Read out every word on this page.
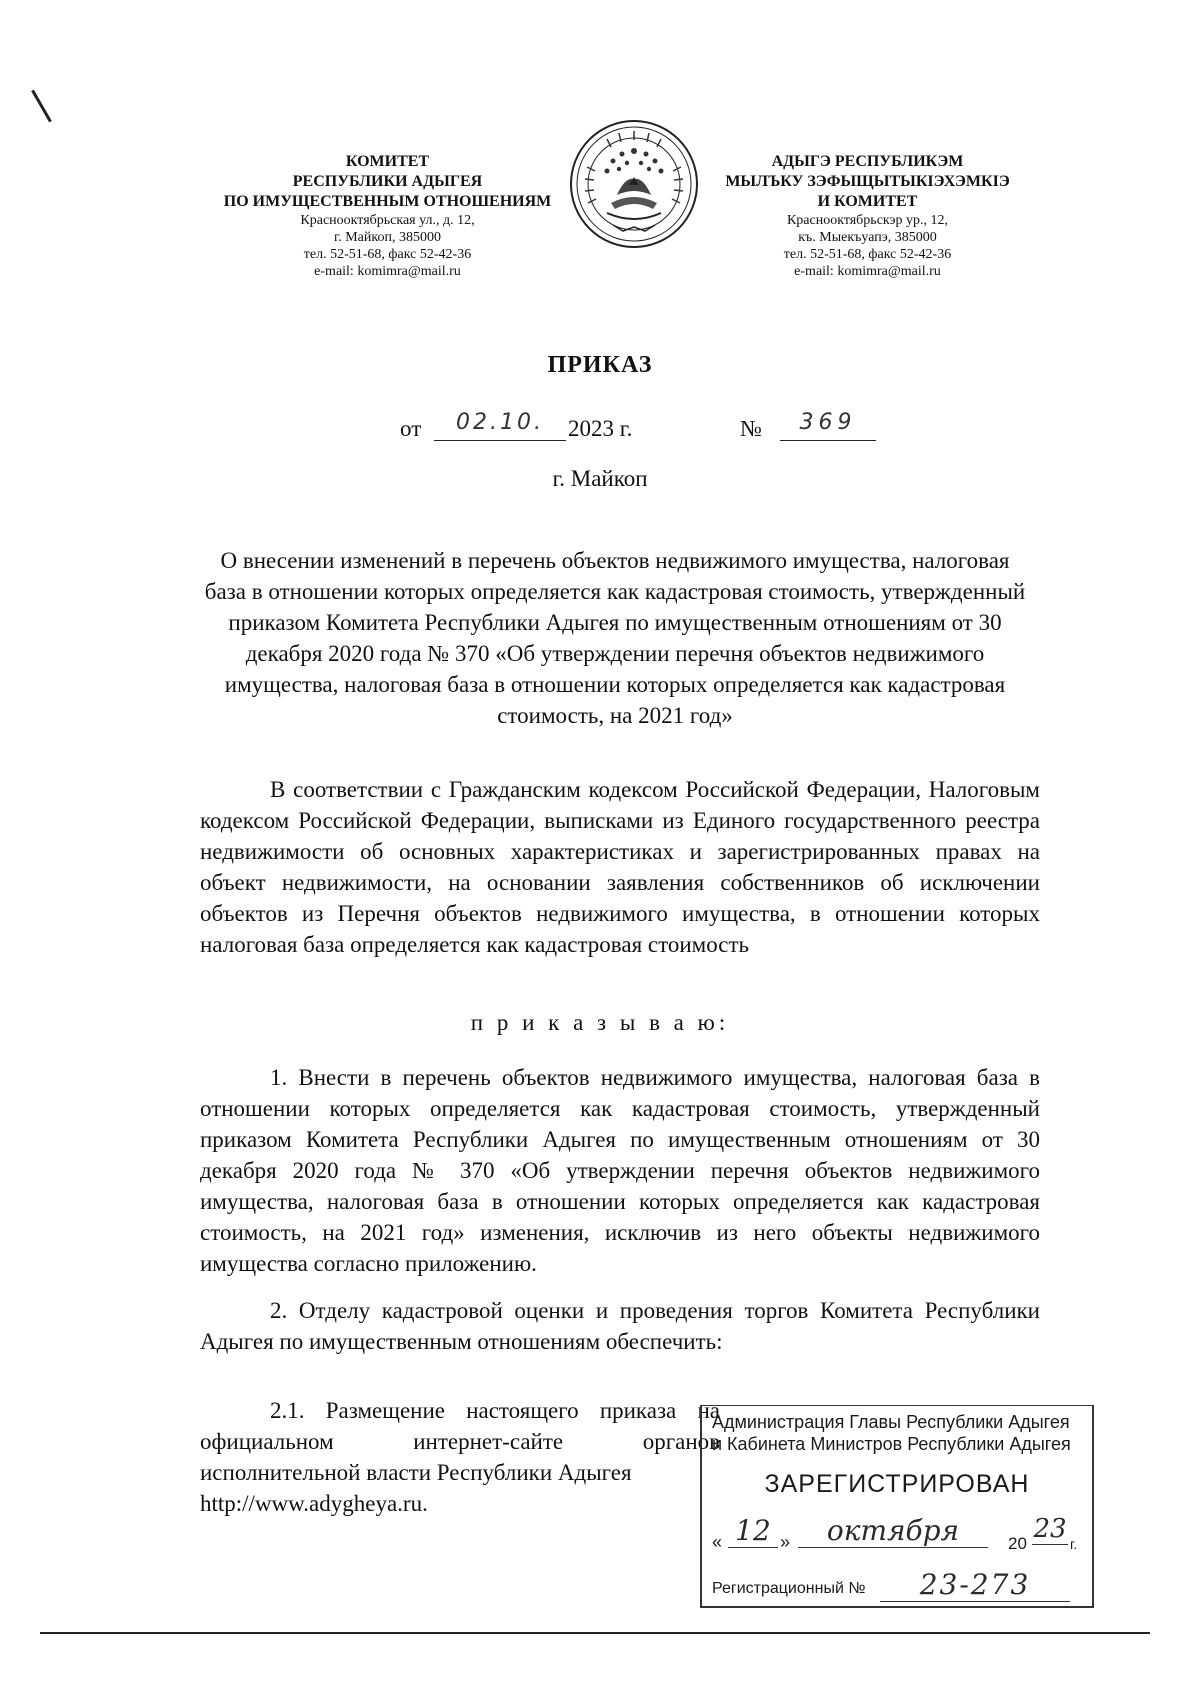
КОМИТЕТ
РЕСПУБЛИКИ АДЫГЕЯ
ПО ИМУЩЕСТВЕННЫМ ОТНОШЕНИЯМ
Краснооктябрьская ул., д. 12,
г. Майкоп, 385000
тел. 52-51-68, факс 52-42-36
e-mail: komimra@mail.ru
АДЫГЭ РЕСПУБЛИКЭМ
МЫЛЪКУ ЗЭФЫЩЫТЫКIЭХЭМКIЭ
И КОМИТЕТ
Краснооктябрьскэр ур., 12,
къ. Мыекъуапэ, 385000
тел. 52-51-68, факс 52-42-36
e-mail: komimra@mail.ru
ПРИКАЗ
от	02.10.	2023 г.	№	369
г. Майкоп
О внесении изменений в перечень объектов недвижимого имущества, налоговая база в отношении которых определяется как кадастровая стоимость, утвержденный приказом Комитета Республики Адыгея по имущественным отношениям от 30 декабря 2020 года № 370 «Об утверждении перечня объектов недвижимого имущества, налоговая база в отношении которых определяется как кадастровая стоимость, на 2021 год»
В соответствии с Гражданским кодексом Российской Федерации, Налоговым кодексом Российской Федерации, выписками из Единого государственного реестра недвижимости об основных характеристиках и зарегистрированных правах на объект недвижимости, на основании заявления собственников об исключении объектов из Перечня объектов недвижимого имущества, в отношении которых налоговая база определяется как кадастровая стоимость
п р и к а з ы в а ю:
1. Внести в перечень объектов недвижимого имущества, налоговая база в отношении которых определяется как кадастровая стоимость, утвержденный приказом Комитета Республики Адыгея по имущественным отношениям от 30 декабря 2020 года № 370 «Об утверждении перечня объектов недвижимого имущества, налоговая база в отношении которых определяется как кадастровая стоимость, на 2021 год» изменения, исключив из него объекты недвижимого имущества согласно приложению.
2. Отделу кадастровой оценки и проведения торгов Комитета Республики Адыгея по имущественным отношениям обеспечить:
2.1. Размещение настоящего приказа на официальном интернет-сайте органов исполнительной власти Республики Адыгея
http://www.adygheya.ru.
Администрация Главы Республики Адыгея
и Кабинета Министров Республики Адыгея
ЗАРЕГИСТРИРОВАН
« 12 »	октября	20 23 г.
Регистрационный №	23-273
